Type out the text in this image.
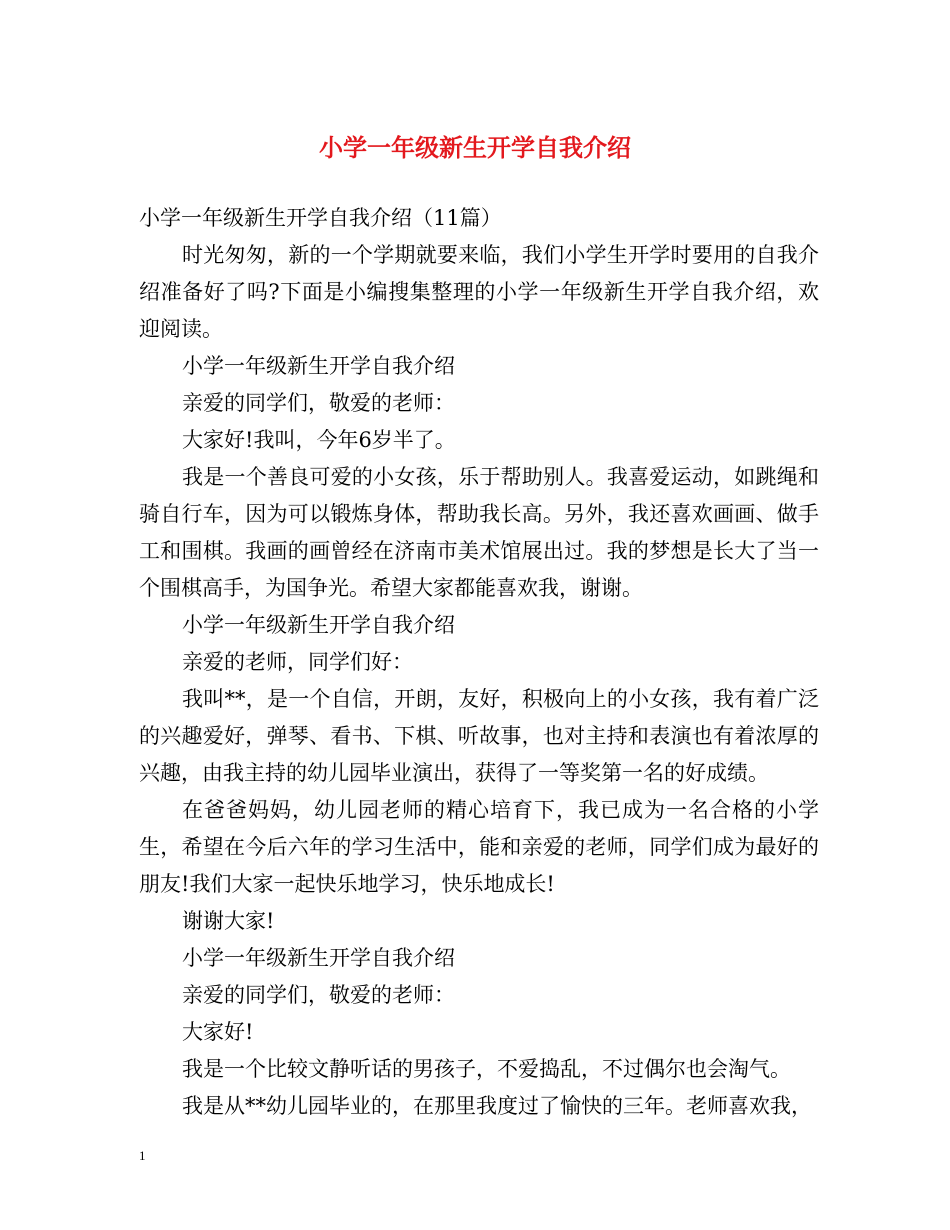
小学一年级新生开学自我介绍

小学一年级新生开学自我介绍（11篇）

时光匆匆，新的一个学期就要来临，我们小学生开学时要用的自我介绍准备好了吗?下面是小编搜集整理的小学一年级新生开学自我介绍，欢迎阅读。

小学一年级新生开学自我介绍

亲爱的同学们，敬爱的老师：

大家好!我叫，今年6岁半了。

我是一个善良可爱的小女孩，乐于帮助别人。我喜爱运动，如跳绳和骑自行车，因为可以锻炼身体，帮助我长高。另外，我还喜欢画画、做手工和围棋。我画的画曾经在济南市美术馆展出过。我的梦想是长大了当一个围棋高手，为国争光。希望大家都能喜欢我，谢谢。

小学一年级新生开学自我介绍

亲爱的老师，同学们好：

我叫**，是一个自信，开朗，友好，积极向上的小女孩，我有着广泛的兴趣爱好，弹琴、看书、下棋、听故事，也对主持和表演也有着浓厚的兴趣，由我主持的幼儿园毕业演出，获得了一等奖第一名的好成绩。

在爸爸妈妈，幼儿园老师的精心培育下，我已成为一名合格的小学生，希望在今后六年的学习生活中，能和亲爱的老师，同学们成为最好的朋友!我们大家一起快乐地学习，快乐地成长!

谢谢大家!

小学一年级新生开学自我介绍

亲爱的同学们，敬爱的老师：

大家好!

我是一个比较文静听话的男孩子，不爱捣乱，不过偶尔也会淘气。

我是从**幼儿园毕业的，在那里我度过了愉快的三年。老师喜欢我，

1
